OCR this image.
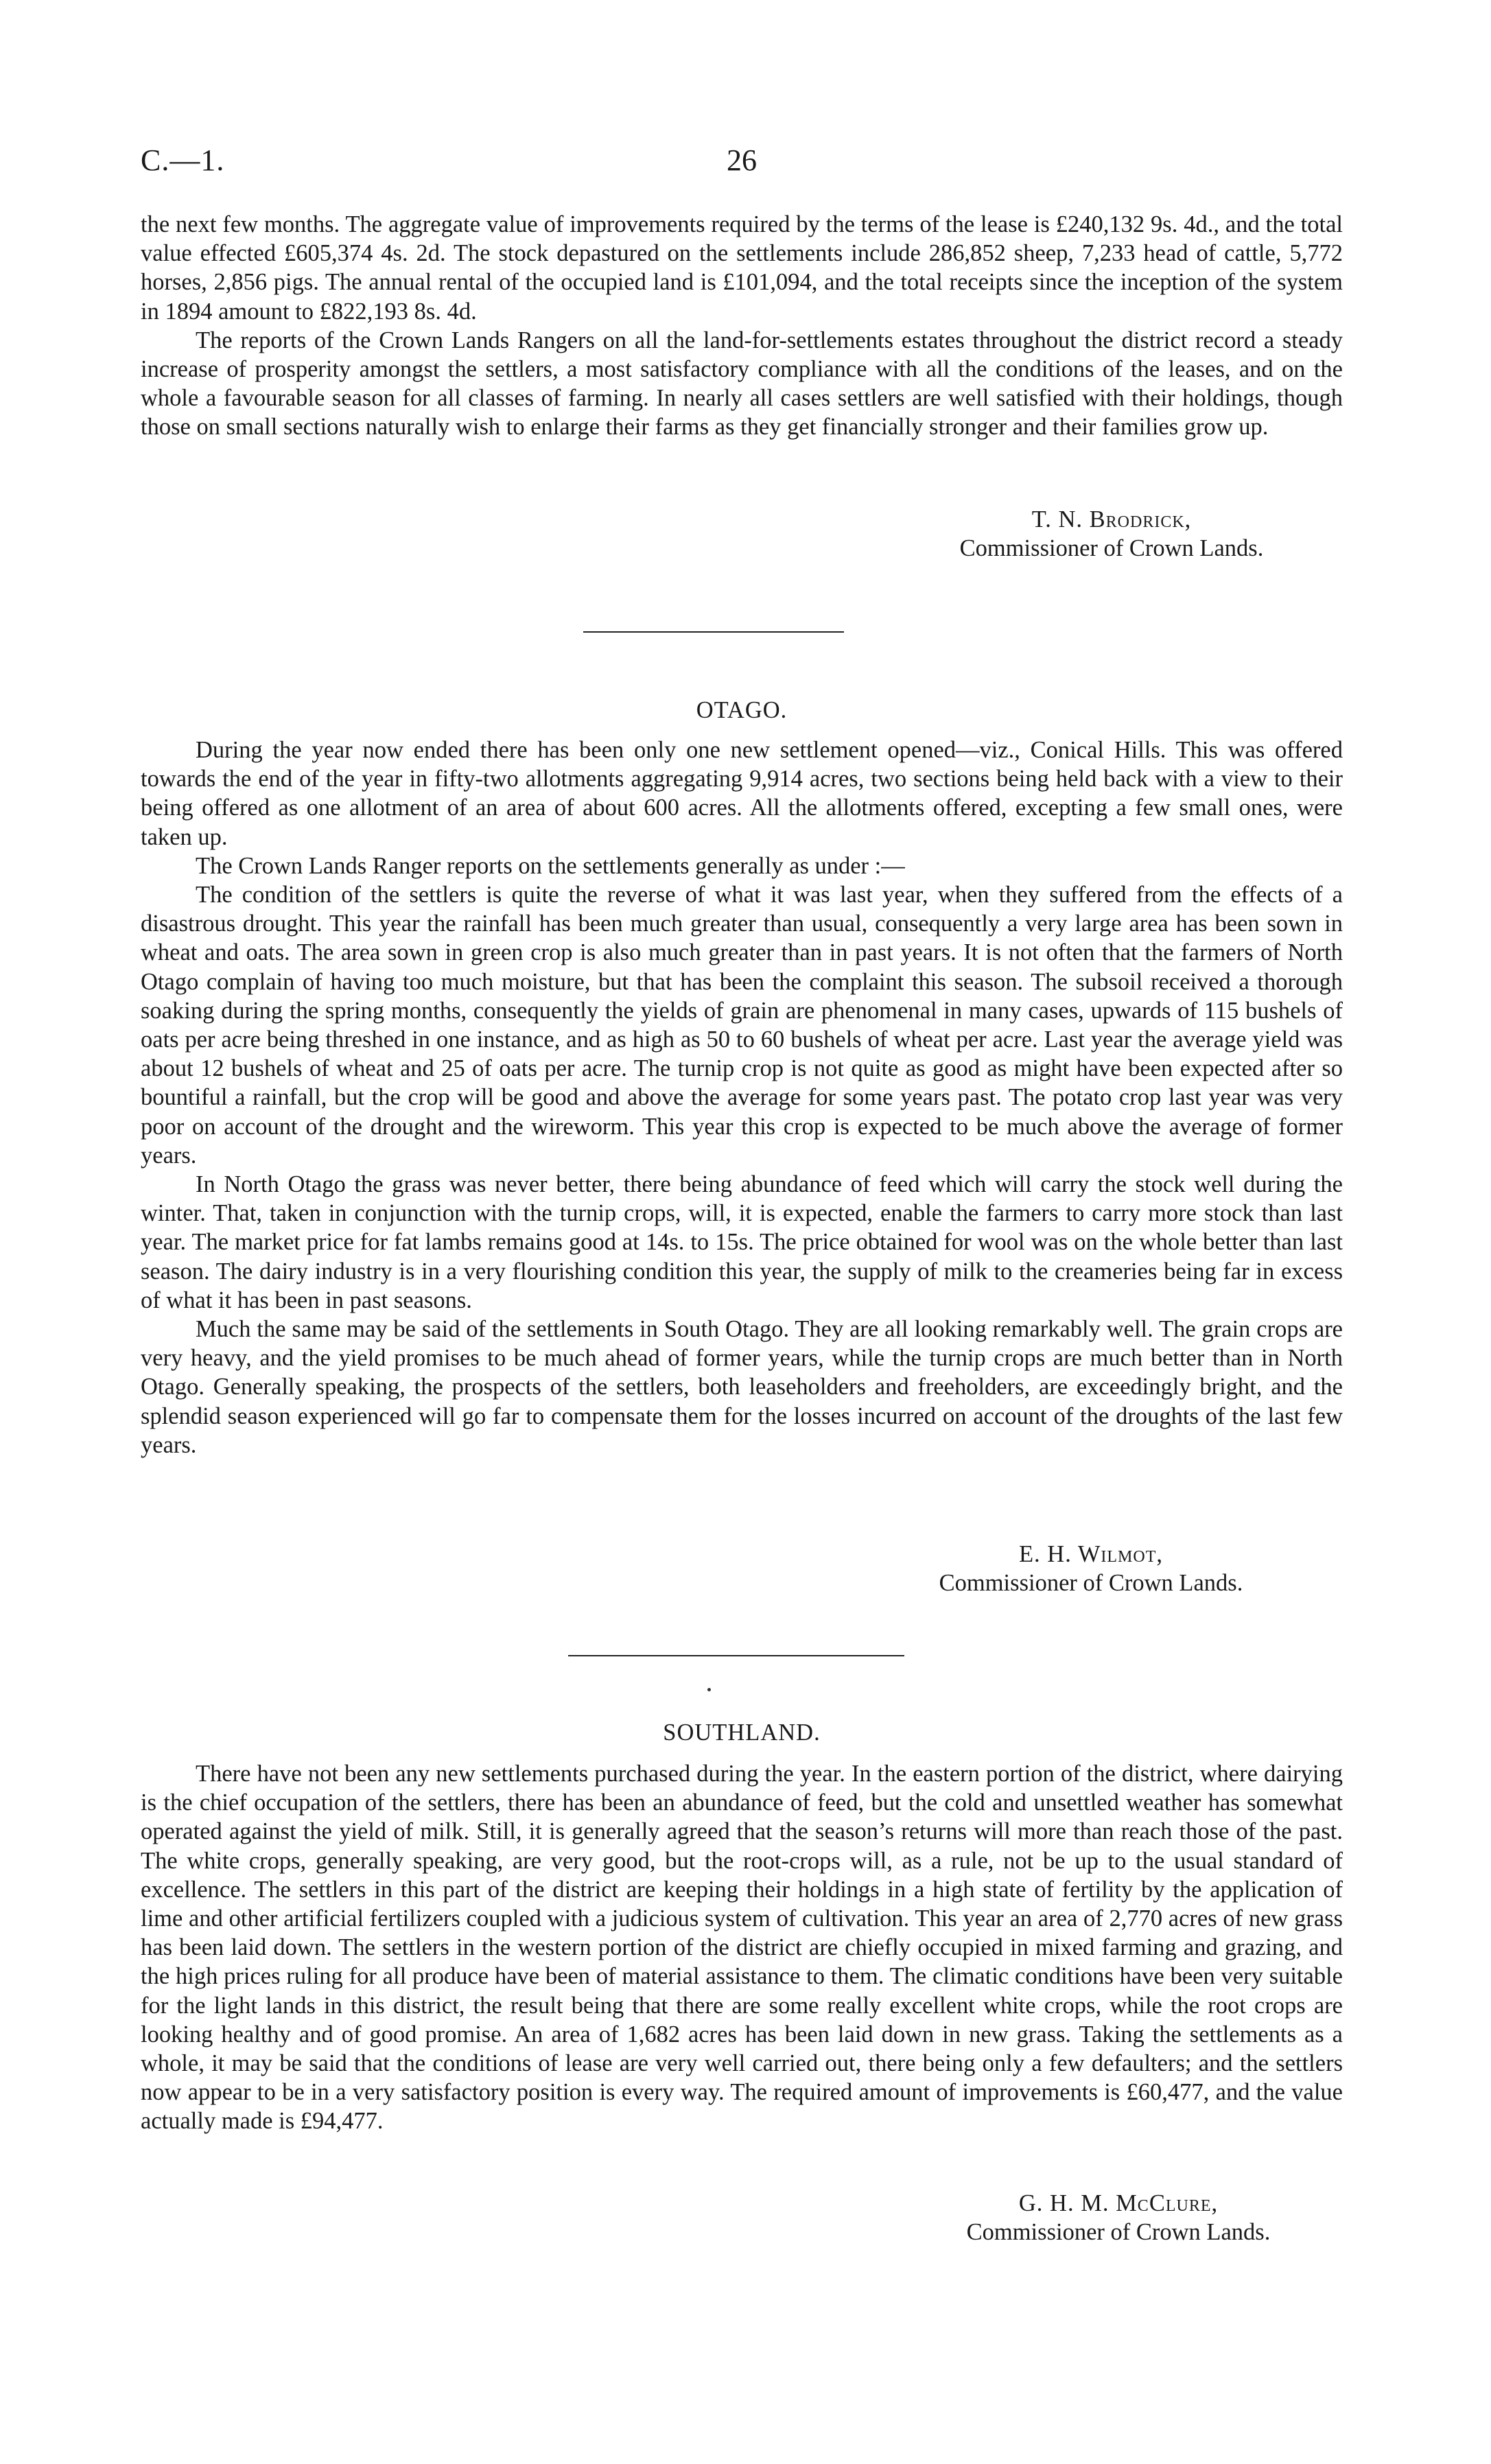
C.—1.	26

the next few months. The aggregate value of improvements required by the terms of the lease is £240,132 9s. 4d., and the total value effected £605,374 4s. 2d. The stock depastured on the settlements include 286,852 sheep, 7,233 head of cattle, 5,772 horses, 2,856 pigs. The annual rental of the occupied land is £101,094, and the total receipts since the inception of the system in 1894 amount to £822,193 8s. 4d.

The reports of the Crown Lands Rangers on all the land-for-settlements estates throughout the district record a steady increase of prosperity amongst the settlers, a most satisfactory compliance with all the conditions of the leases, and on the whole a favourable season for all classes of farming. In nearly all cases settlers are well satisfied with their holdings, though those on small sections naturally wish to enlarge their farms as they get financially stronger and their families grow up.

T. N. Brodrick,
Commissioner of Crown Lands.
OTAGO.

During the year now ended there has been only one new settlement opened—viz., Conical Hills. This was offered towards the end of the year in fifty-two allotments aggregating 9,914 acres, two sections being held back with a view to their being offered as one allotment of an area of about 600 acres. All the allotments offered, excepting a few small ones, were taken up.

The Crown Lands Ranger reports on the settlements generally as under :—

The condition of the settlers is quite the reverse of what it was last year, when they suffered from the effects of a disastrous drought. This year the rainfall has been much greater than usual, consequently a very large area has been sown in wheat and oats. The area sown in green crop is also much greater than in past years. It is not often that the farmers of North Otago complain of having too much moisture, but that has been the complaint this season. The subsoil received a thorough soaking during the spring months, consequently the yields of grain are phenomenal in many cases, upwards of 115 bushels of oats per acre being threshed in one instance, and as high as 50 to 60 bushels of wheat per acre. Last year the average yield was about 12 bushels of wheat and 25 of oats per acre. The turnip crop is not quite as good as might have been expected after so bountiful a rainfall, but the crop will be good and above the average for some years past. The potato crop last year was very poor on account of the drought and the wireworm. This year this crop is expected to be much above the average of former years.

In North Otago the grass was never better, there being abundance of feed which will carry the stock well during the winter. That, taken in conjunction with the turnip crops, will, it is expected, enable the farmers to carry more stock than last year. The market price for fat lambs remains good at 14s. to 15s. The price obtained for wool was on the whole better than last season. The dairy industry is in a very flourishing condition this year, the supply of milk to the creameries being far in excess of what it has been in past seasons.

Much the same may be said of the settlements in South Otago. They are all looking remarkably well. The grain crops are very heavy, and the yield promises to be much ahead of former years, while the turnip crops are much better than in North Otago. Generally speaking, the prospects of the settlers, both leaseholders and freeholders, are exceedingly bright, and the splendid season experienced will go far to compensate them for the losses incurred on account of the droughts of the last few years.

E. H. Wilmot,
Commissioner of Crown Lands.
SOUTHLAND.

There have not been any new settlements purchased during the year. In the eastern portion of the district, where dairying is the chief occupation of the settlers, there has been an abundance of feed, but the cold and unsettled weather has somewhat operated against the yield of milk. Still, it is generally agreed that the season’s returns will more than reach those of the past. The white crops, generally speaking, are very good, but the root-crops will, as a rule, not be up to the usual standard of excellence. The settlers in this part of the district are keeping their holdings in a high state of fertility by the application of lime and other artificial fertilizers coupled with a judicious system of cultivation. This year an area of 2,770 acres of new grass has been laid down. The settlers in the western portion of the district are chiefly occupied in mixed farming and grazing, and the high prices ruling for all produce have been of material assistance to them. The climatic conditions have been very suitable for the light lands in this district, the result being that there are some really excellent white crops, while the root crops are looking healthy and of good promise. An area of 1,682 acres has been laid down in new grass. Taking the settlements as a whole, it may be said that the conditions of lease are very well carried out, there being only a few defaulters; and the settlers now appear to be in a very satisfactory position is every way. The required amount of improvements is £60,477, and the value actually made is £94,477.

G. H. M. McClure,
Commissioner of Crown Lands.
